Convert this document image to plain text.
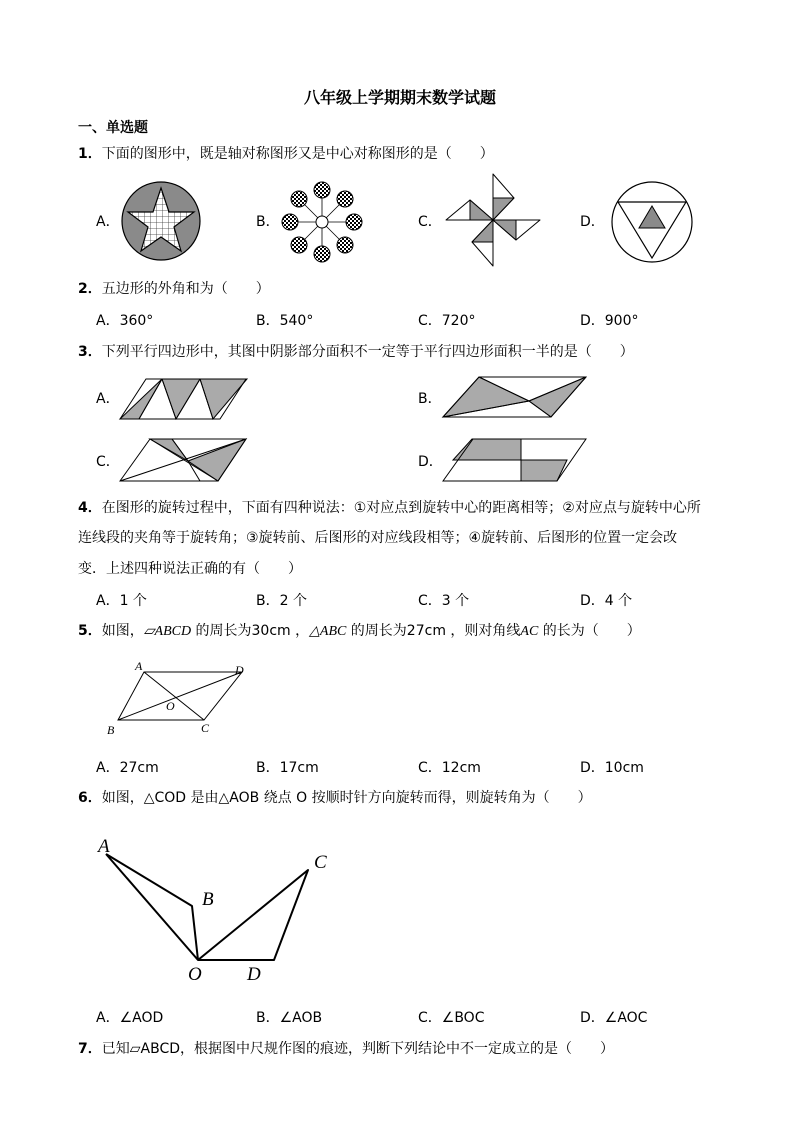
八年级上学期期末数学试题
一、单选题
1．下面的图形中，既是轴对称图形又是中心对称图形的是（　　）
A．	B．	C．	D．
2．五边形的外角和为（　　）
A．360°	B．540°	C．720°	D．900°
3．下列平行四边形中，其图中阴影部分面积不一定等于平行四边形面积一半的是（　　）
A．	B．
C．	D．
4．在图形的旋转过程中，下面有四种说法：①对应点到旋转中心的距离相等；②对应点与旋转中心所
连线段的夹角等于旋转角；③旋转前、后图形的对应线段相等；④旋转前、后图形的位置一定会改
变．上述四种说法正确的有（　　）
A．1 个	B．2 个	C．3 个	D．4 个
5．如图，▱ABCD 的周长为30cm ，△ABC 的周长为27cm ，则对角线AC 的长为（　　）
A	D
B	C
O
A．27cm	B．17cm	C．12cm	D．10cm
6．如图，△COD 是由△AOB 绕点 O 按顺时针方向旋转而得，则旋转角为（　　）
A
B
C
O D
A．∠AOD	B．∠AOB	C．∠BOC	D．∠AOC
7．已知▱ABCD，根据图中尺规作图的痕迹，判断下列结论中不一定成立的是（　　）
